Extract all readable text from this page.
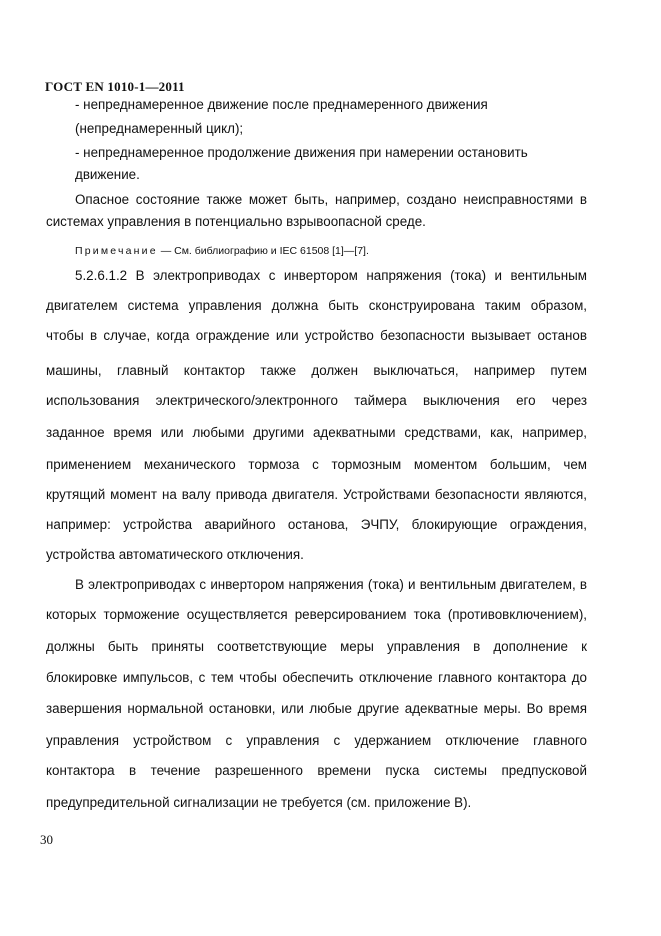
ГОСТ EN 1010-1—2011
- непреднамеренное движение после преднамеренного движения
(непреднамеренный цикл);
- непреднамеренное продолжение движения при намерении остановить
движение.
Опасное состояние также может быть, например, создано неисправностями в
системах управления в потенциально взрывоопасной среде.
Примечание — См. библиографию и IEC 61508 [1]—[7].
5.2.6.1.2 В электроприводах с инвертором напряжения (тока) и вентильным
двигателем система управления должна быть сконструирована таким образом,
чтобы в случае, когда ограждение или устройство безопасности вызывает останов
машины, главный контактор также должен выключаться, например путем
использования электрического/электронного таймера выключения его через
заданное время или любыми другими адекватными средствами, как, например,
применением механического тормоза с тормозным моментом большим, чем
крутящий момент на валу привода двигателя. Устройствами безопасности являются,
например: устройства аварийного останова, ЭЧПУ, блокирующие ограждения,
устройства автоматического отключения.
В электроприводах с инвертором напряжения (тока) и вентильным двигателем, в
которых торможение осуществляется реверсированием тока (противовключением),
должны быть приняты соответствующие меры управления в дополнение к
блокировке импульсов, с тем чтобы обеспечить отключение главного контактора до
завершения нормальной остановки, или любые другие адекватные меры. Во время
управления устройством с управления с удержанием отключение главного
контактора в течение разрешенного времени пуска системы предпусковой
предупредительной сигнализации не требуется (см. приложение В).
30
